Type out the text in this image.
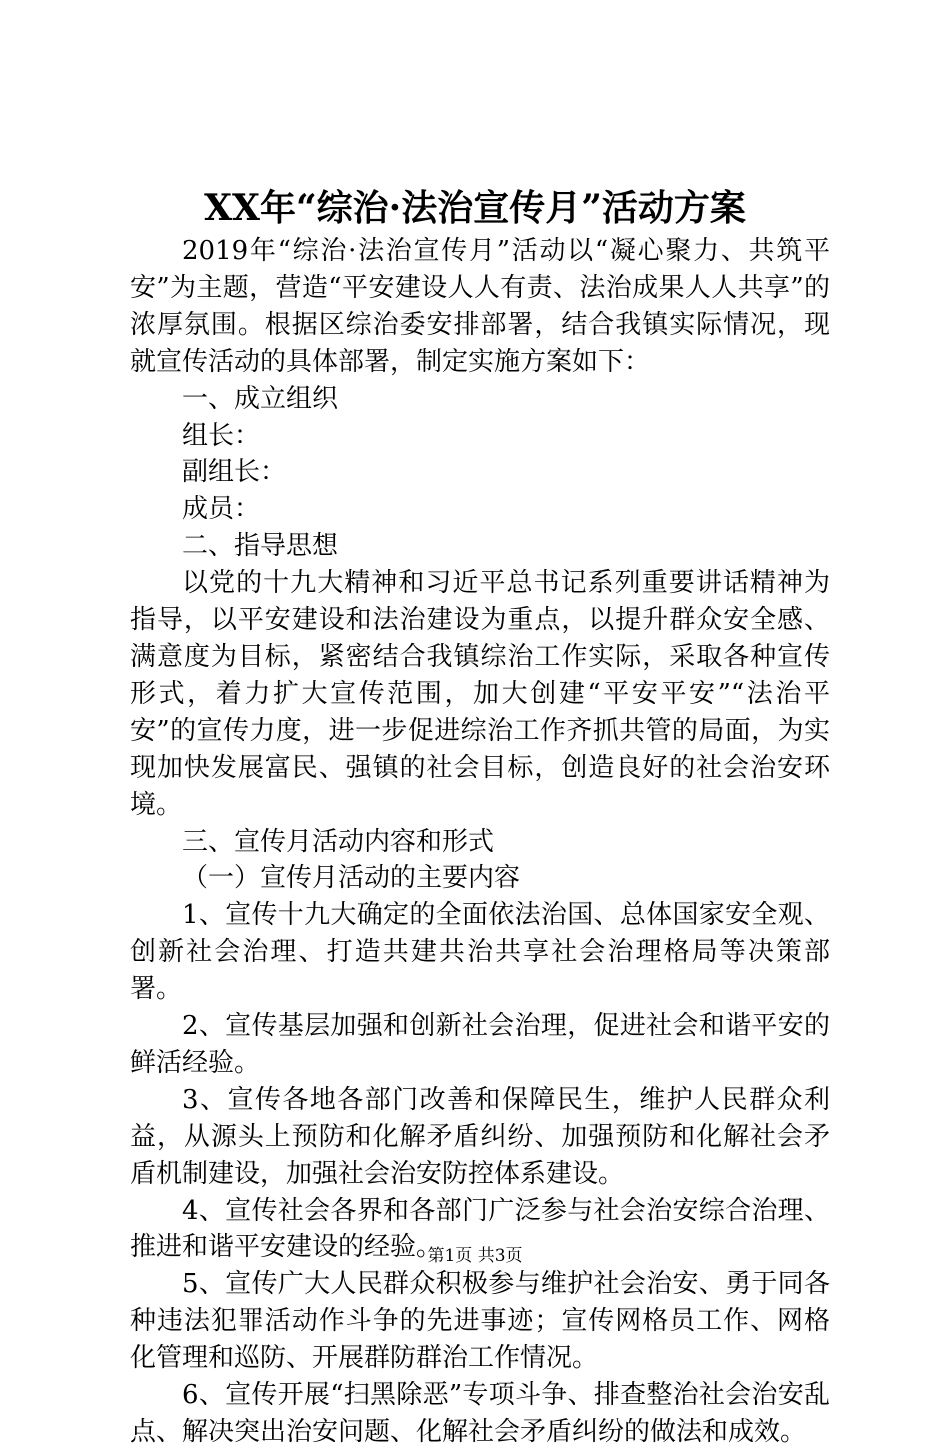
XX年“综治·法治宣传月”活动方案

2019年“综治·法治宣传月”活动以“凝心聚力、共筑平安”为主题，营造“平安建设人人有责、法治成果人人共享”的浓厚氛围。根据区综治委安排部署，结合我镇实际情况，现就宣传活动的具体部署，制定实施方案如下：

一、成立组织

组长：

副组长：

成员：

二、指导思想

以党的十九大精神和习近平总书记系列重要讲话精神为指导，以平安建设和法治建设为重点，以提升群众安全感、满意度为目标，紧密结合我镇综治工作实际，采取各种宣传形式，着力扩大宣传范围，加大创建“平安平安”“法治平安”的宣传力度，进一步促进综治工作齐抓共管的局面，为实现加快发展富民、强镇的社会目标，创造良好的社会治安环境。

三、宣传月活动内容和形式

（一）宣传月活动的主要内容

1、宣传十九大确定的全面依法治国、总体国家安全观、创新社会治理、打造共建共治共享社会治理格局等决策部署。

2、宣传基层加强和创新社会治理，促进社会和谐平安的鲜活经验。

3、宣传各地各部门改善和保障民生，维护人民群众利益，从源头上预防和化解矛盾纠纷、加强预防和化解社会矛盾机制建设，加强社会治安防控体系建设。

4、宣传社会各界和各部门广泛参与社会治安综合治理、推进和谐平安建设的经验。

5、宣传广大人民群众积极参与维护社会治安、勇于同各种违法犯罪活动作斗争的先进事迹；宣传网格员工作、网格化管理和巡防、开展群防群治工作情况。

6、宣传开展“扫黑除恶”专项斗争、排查整治社会治安乱点、解决突出治安问题、化解社会矛盾纠纷的做法和成效。

第1页 共3页
